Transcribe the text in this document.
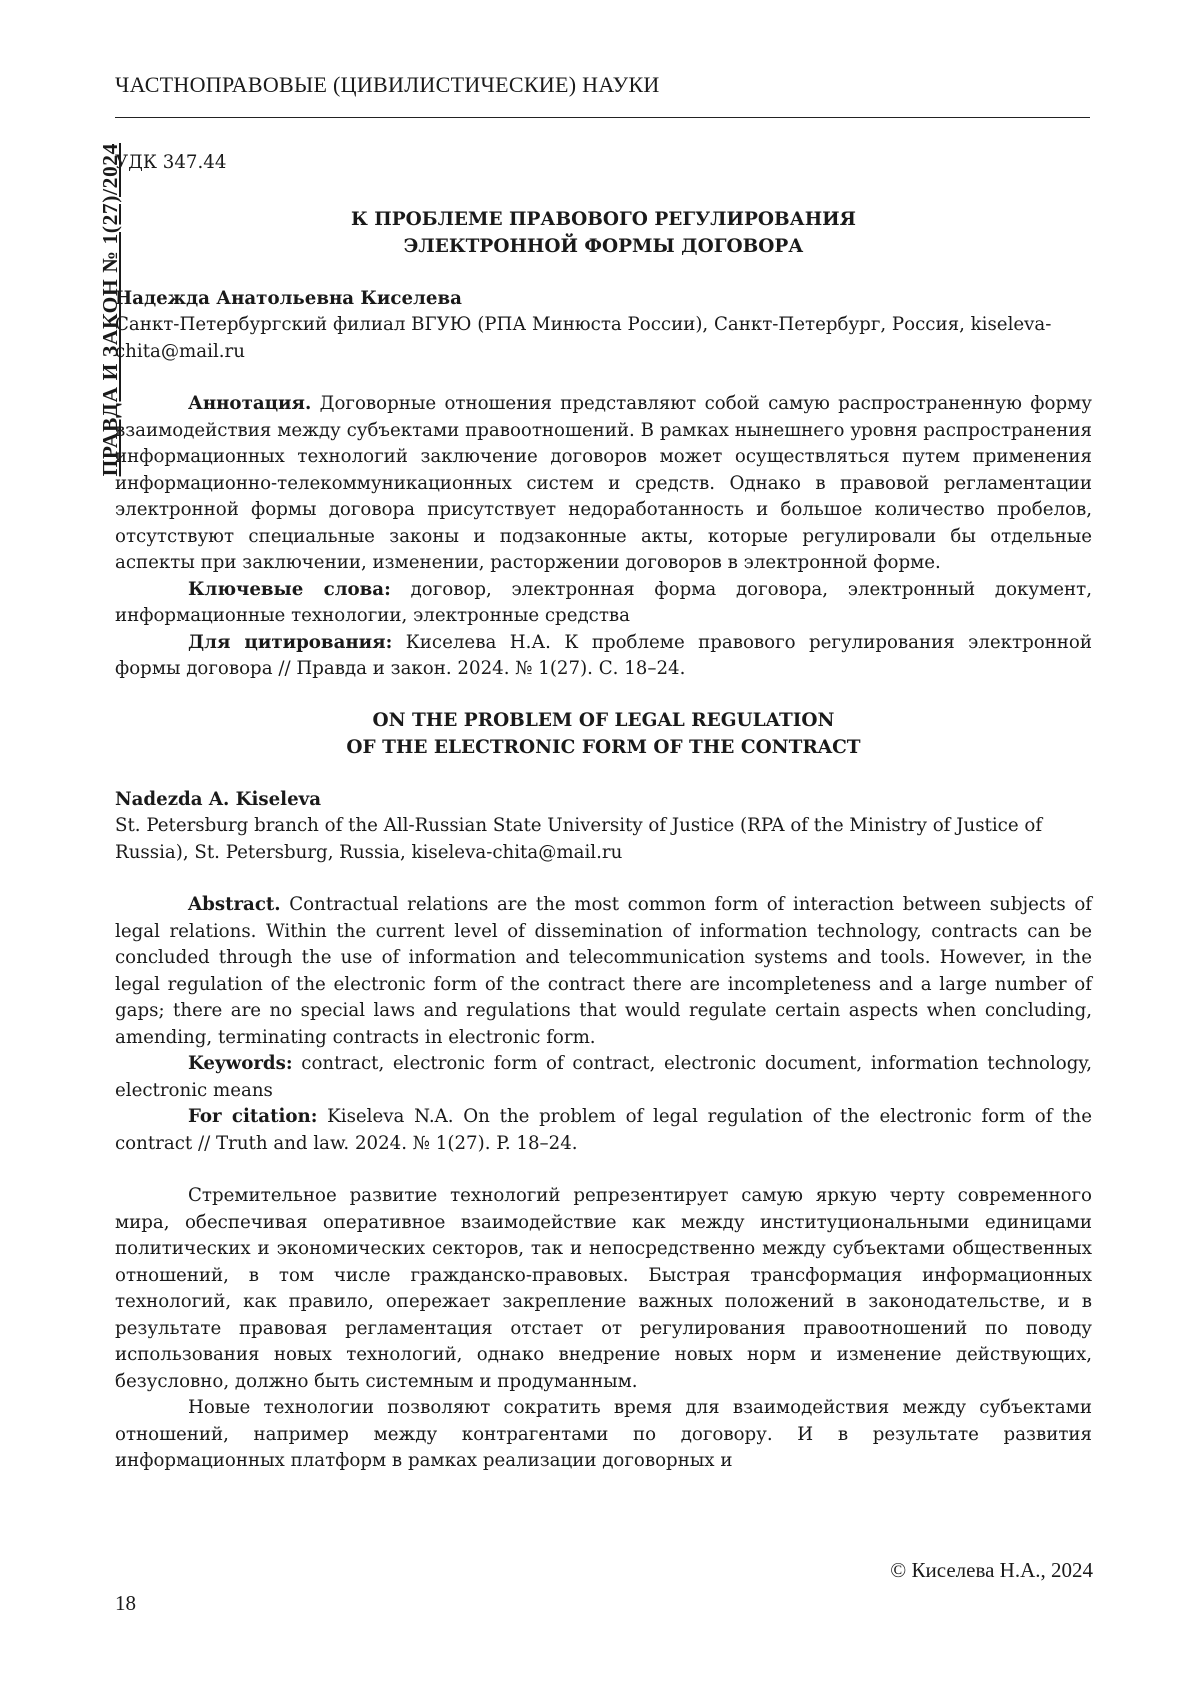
ЧАСТНОПРАВОВЫЕ (ЦИВИЛИСТИЧЕСКИЕ) НАУКИ
ПРАВДА И ЗАКОН № 1(27)/2024

УДК 347.44

К ПРОБЛЕМЕ ПРАВОВОГО РЕГУЛИРОВАНИЯ
ЭЛЕКТРОННОЙ ФОРМЫ ДОГОВОРА

Надежда Анатольевна Киселева

Санкт-Петербургский филиал ВГУЮ (РПА Минюста России), Санкт-Петербург, Россия, kiseleva-chita@mail.ru

Аннотация. Договорные отношения представляют собой самую распространенную форму взаимодействия между субъектами правоотношений. В рамках нынешнего уровня распространения информационных технологий заключение договоров может осуществляться путем применения информационно-телекоммуникационных систем и средств. Однако в правовой регламентации электронной формы договора присутствует недоработанность и большое количество пробелов, отсутствуют специальные законы и подзаконные акты, которые регулировали бы отдельные аспекты при заключении, изменении, расторжении договоров в электронной форме.

Ключевые слова: договор, электронная форма договора, электронный документ, информационные технологии, электронные средства

Для цитирования: Киселева Н.А. К проблеме правового регулирования электронной формы договора // Правда и закон. 2024. № 1(27). С. 18–24.

ON THE PROBLEM OF LEGAL REGULATION
OF THE ELECTRONIC FORM OF THE CONTRACT

Nadezda A. Kiseleva

St. Petersburg branch of the All-Russian State University of Justice (RPA of the Ministry of Justice of Russia), St. Petersburg, Russia, kiseleva-chita@mail.ru

Abstract. Contractual relations are the most common form of interaction between subjects of legal relations. Within the current level of dissemination of information technology, contracts can be concluded through the use of information and telecommunication systems and tools. However, in the legal regulation of the electronic form of the contract there are incompleteness and a large number of gaps; there are no special laws and regulations that would regulate certain aspects when concluding, amending, terminating contracts in electronic form.

Keywords: contract, electronic form of contract, electronic document, information technology, electronic means

For citation: Kiseleva N.A. On the problem of legal regulation of the electronic form of the contract // Truth and law. 2024. № 1(27). P. 18–24.

Стремительное развитие технологий репрезентирует самую яркую черту современного мира, обеспечивая оперативное взаимодействие как между институциональными единицами политических и экономических секторов, так и непосредственно между субъектами общественных отношений, в том числе гражданско-правовых. Быстрая трансформация информационных технологий, как правило, опережает закрепление важных положений в законодательстве, и в результате правовая регламентация отстает от регулирования правоотношений по поводу использования новых технологий, однако внедрение новых норм и изменение действующих, безусловно, должно быть системным и продуманным.

Новые технологии позволяют сократить время для взаимодействия между субъектами отношений, например между контрагентами по договору. И в результате развития информационных платформ в рамках реализации договорных и

© Киселева Н.А., 2024
18
